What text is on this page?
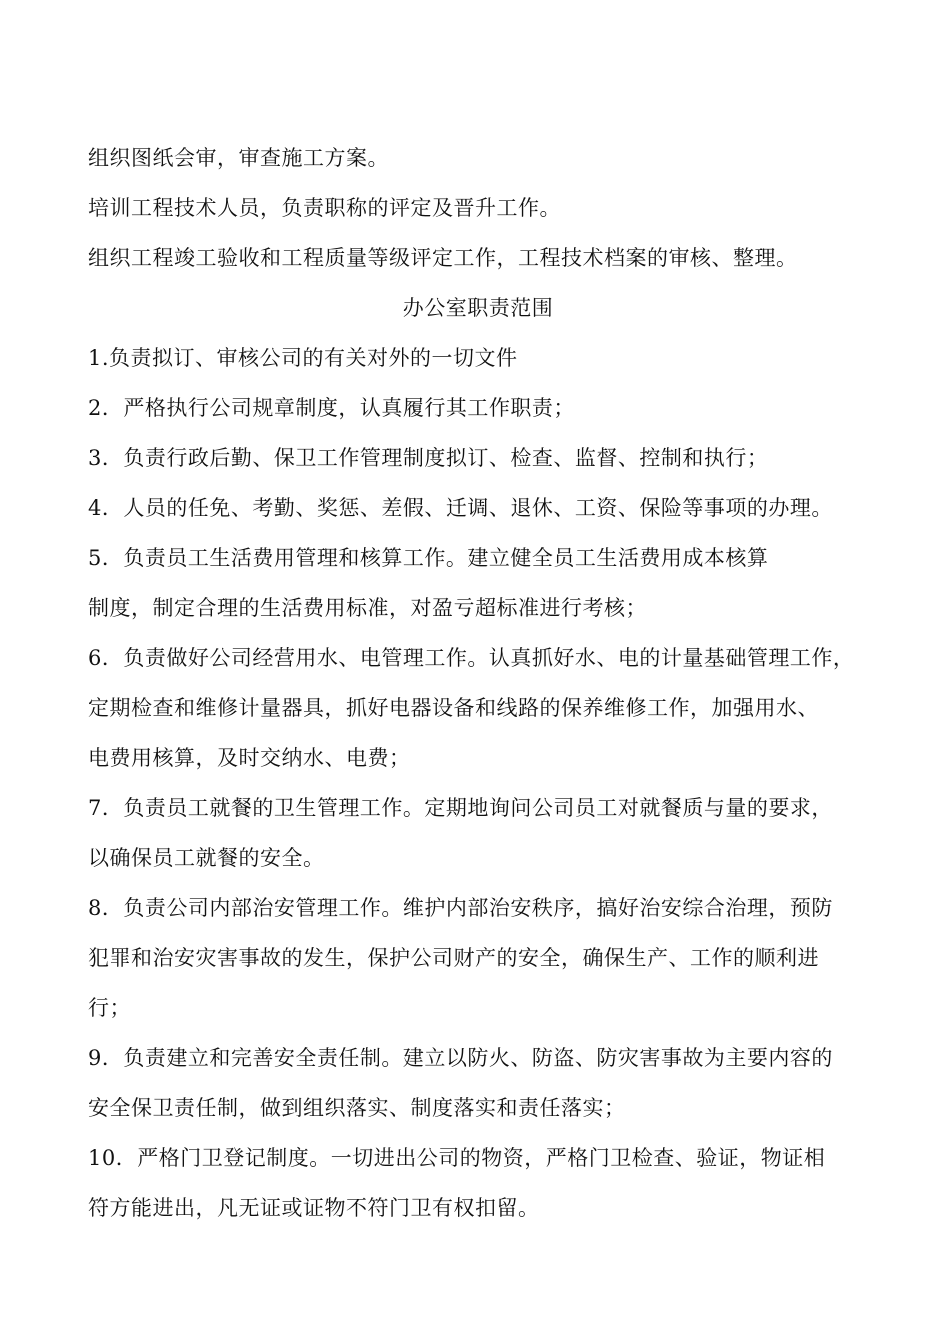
组织图纸会审，审查施工方案。
培训工程技术人员，负责职称的评定及晋升工作。
组织工程竣工验收和工程质量等级评定工作，工程技术档案的审核、整理。
办公室职责范围
1.负责拟订、审核公司的有关对外的一切文件
2．严格执行公司规章制度，认真履行其工作职责；
3．负责行政后勤、保卫工作管理制度拟订、检查、监督、控制和执行；
4．人员的任免、考勤、奖惩、差假、迁调、退休、工资、保险等事项的办理。
5．负责员工生活费用管理和核算工作。建立健全员工生活费用成本核算
制度，制定合理的生活费用标准，对盈亏超标准进行考核；
6．负责做好公司经营用水、电管理工作。认真抓好水、电的计量基础管理工作，
定期检查和维修计量器具，抓好电器设备和线路的保养维修工作，加强用水、
电费用核算，及时交纳水、电费；
7．负责员工就餐的卫生管理工作。定期地询问公司员工对就餐质与量的要求，
以确保员工就餐的安全。
8．负责公司内部治安管理工作。维护内部治安秩序，搞好治安综合治理，预防
犯罪和治安灾害事故的发生，保护公司财产的安全，确保生产、工作的顺利进
行；
9．负责建立和完善安全责任制。建立以防火、防盗、防灾害事故为主要内容的
安全保卫责任制，做到组织落实、制度落实和责任落实；
10．严格门卫登记制度。一切进出公司的物资，严格门卫检查、验证，物证相
符方能进出，凡无证或证物不符门卫有权扣留。
